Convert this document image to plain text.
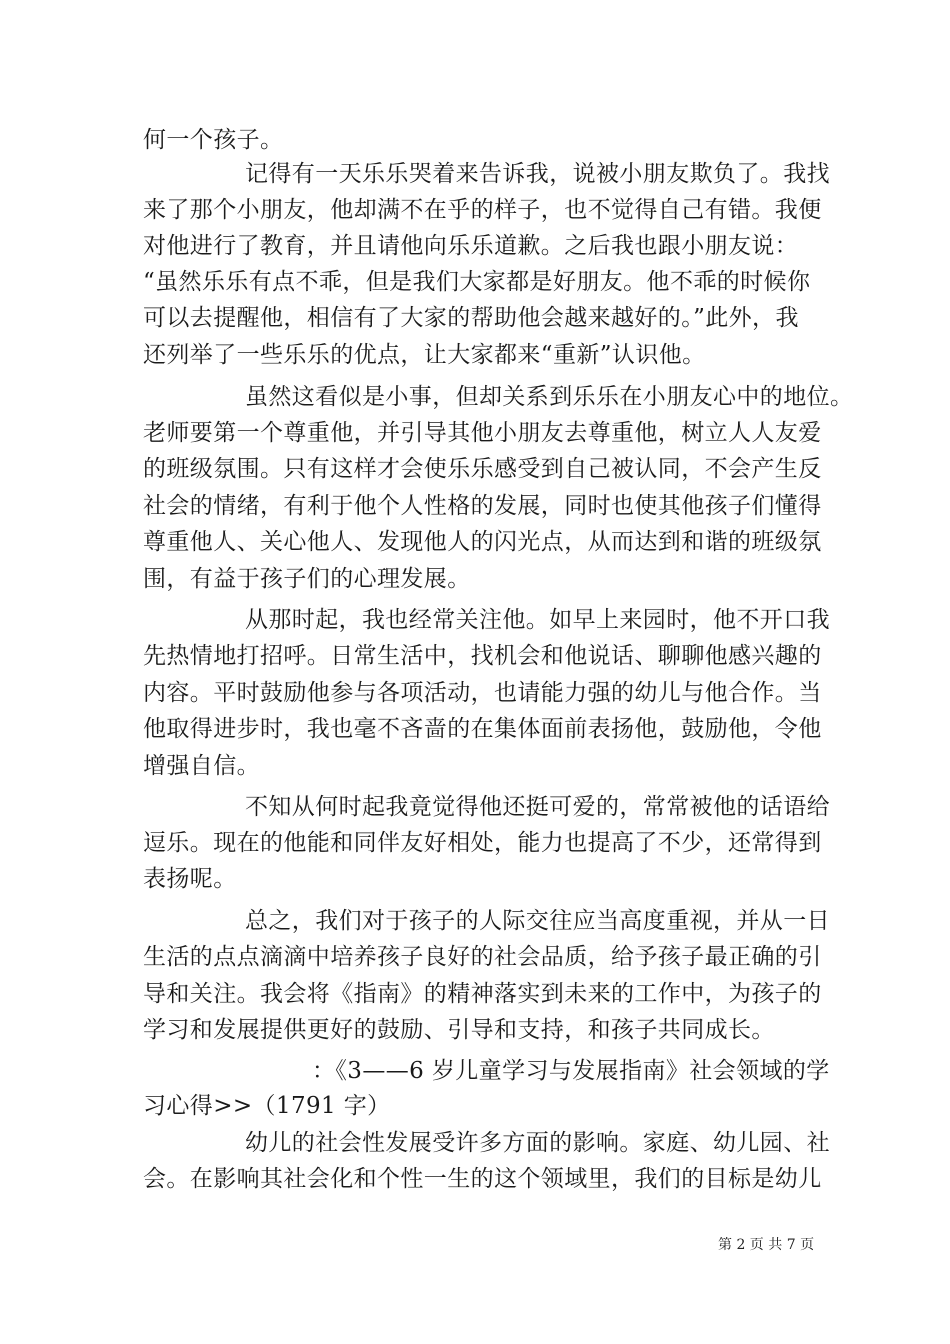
何一个孩子。
记得有一天乐乐哭着来告诉我，说被小朋友欺负了。我找
来了那个小朋友，他却满不在乎的样子，也不觉得自己有错。我便
对他进行了教育，并且请他向乐乐道歉。之后我也跟小朋友说：
“虽然乐乐有点不乖，但是我们大家都是好朋友。他不乖的时候你
可以去提醒他，相信有了大家的帮助他会越来越好的。”此外，我
还列举了一些乐乐的优点，让大家都来“重新”认识他。
虽然这看似是小事，但却关系到乐乐在小朋友心中的地位。
老师要第一个尊重他，并引导其他小朋友去尊重他，树立人人友爱
的班级氛围。只有这样才会使乐乐感受到自己被认同，不会产生反
社会的情绪，有利于他个人性格的发展，同时也使其他孩子们懂得
尊重他人、关心他人、发现他人的闪光点，从而达到和谐的班级氛
围，有益于孩子们的心理发展。
从那时起，我也经常关注他。如早上来园时，他不开口我
先热情地打招呼。日常生活中，找机会和他说话、聊聊他感兴趣的
内容。平时鼓励他参与各项活动，也请能力强的幼儿与他合作。当
他取得进步时，我也毫不吝啬的在集体面前表扬他，鼓励他，令他
增强自信。
不知从何时起我竟觉得他还挺可爱的，常常被他的话语给
逗乐。现在的他能和同伴友好相处，能力也提高了不少，还常得到
表扬呢。
总之，我们对于孩子的人际交往应当高度重视，并从一日
生活的点点滴滴中培养孩子良好的社会品质，给予孩子最正确的引
导和关注。我会将《指南》的精神落实到未来的工作中，为孩子的
学习和发展提供更好的鼓励、引导和支持，和孩子共同成长。
：《3——6 岁儿童学习与发展指南》社会领域的学
习心得>>（1791 字）
幼儿的社会性发展受许多方面的影响。家庭、幼儿园、社
会。在影响其社会化和个性一生的这个领域里，我们的目标是幼儿
第 2 页 共 7 页
